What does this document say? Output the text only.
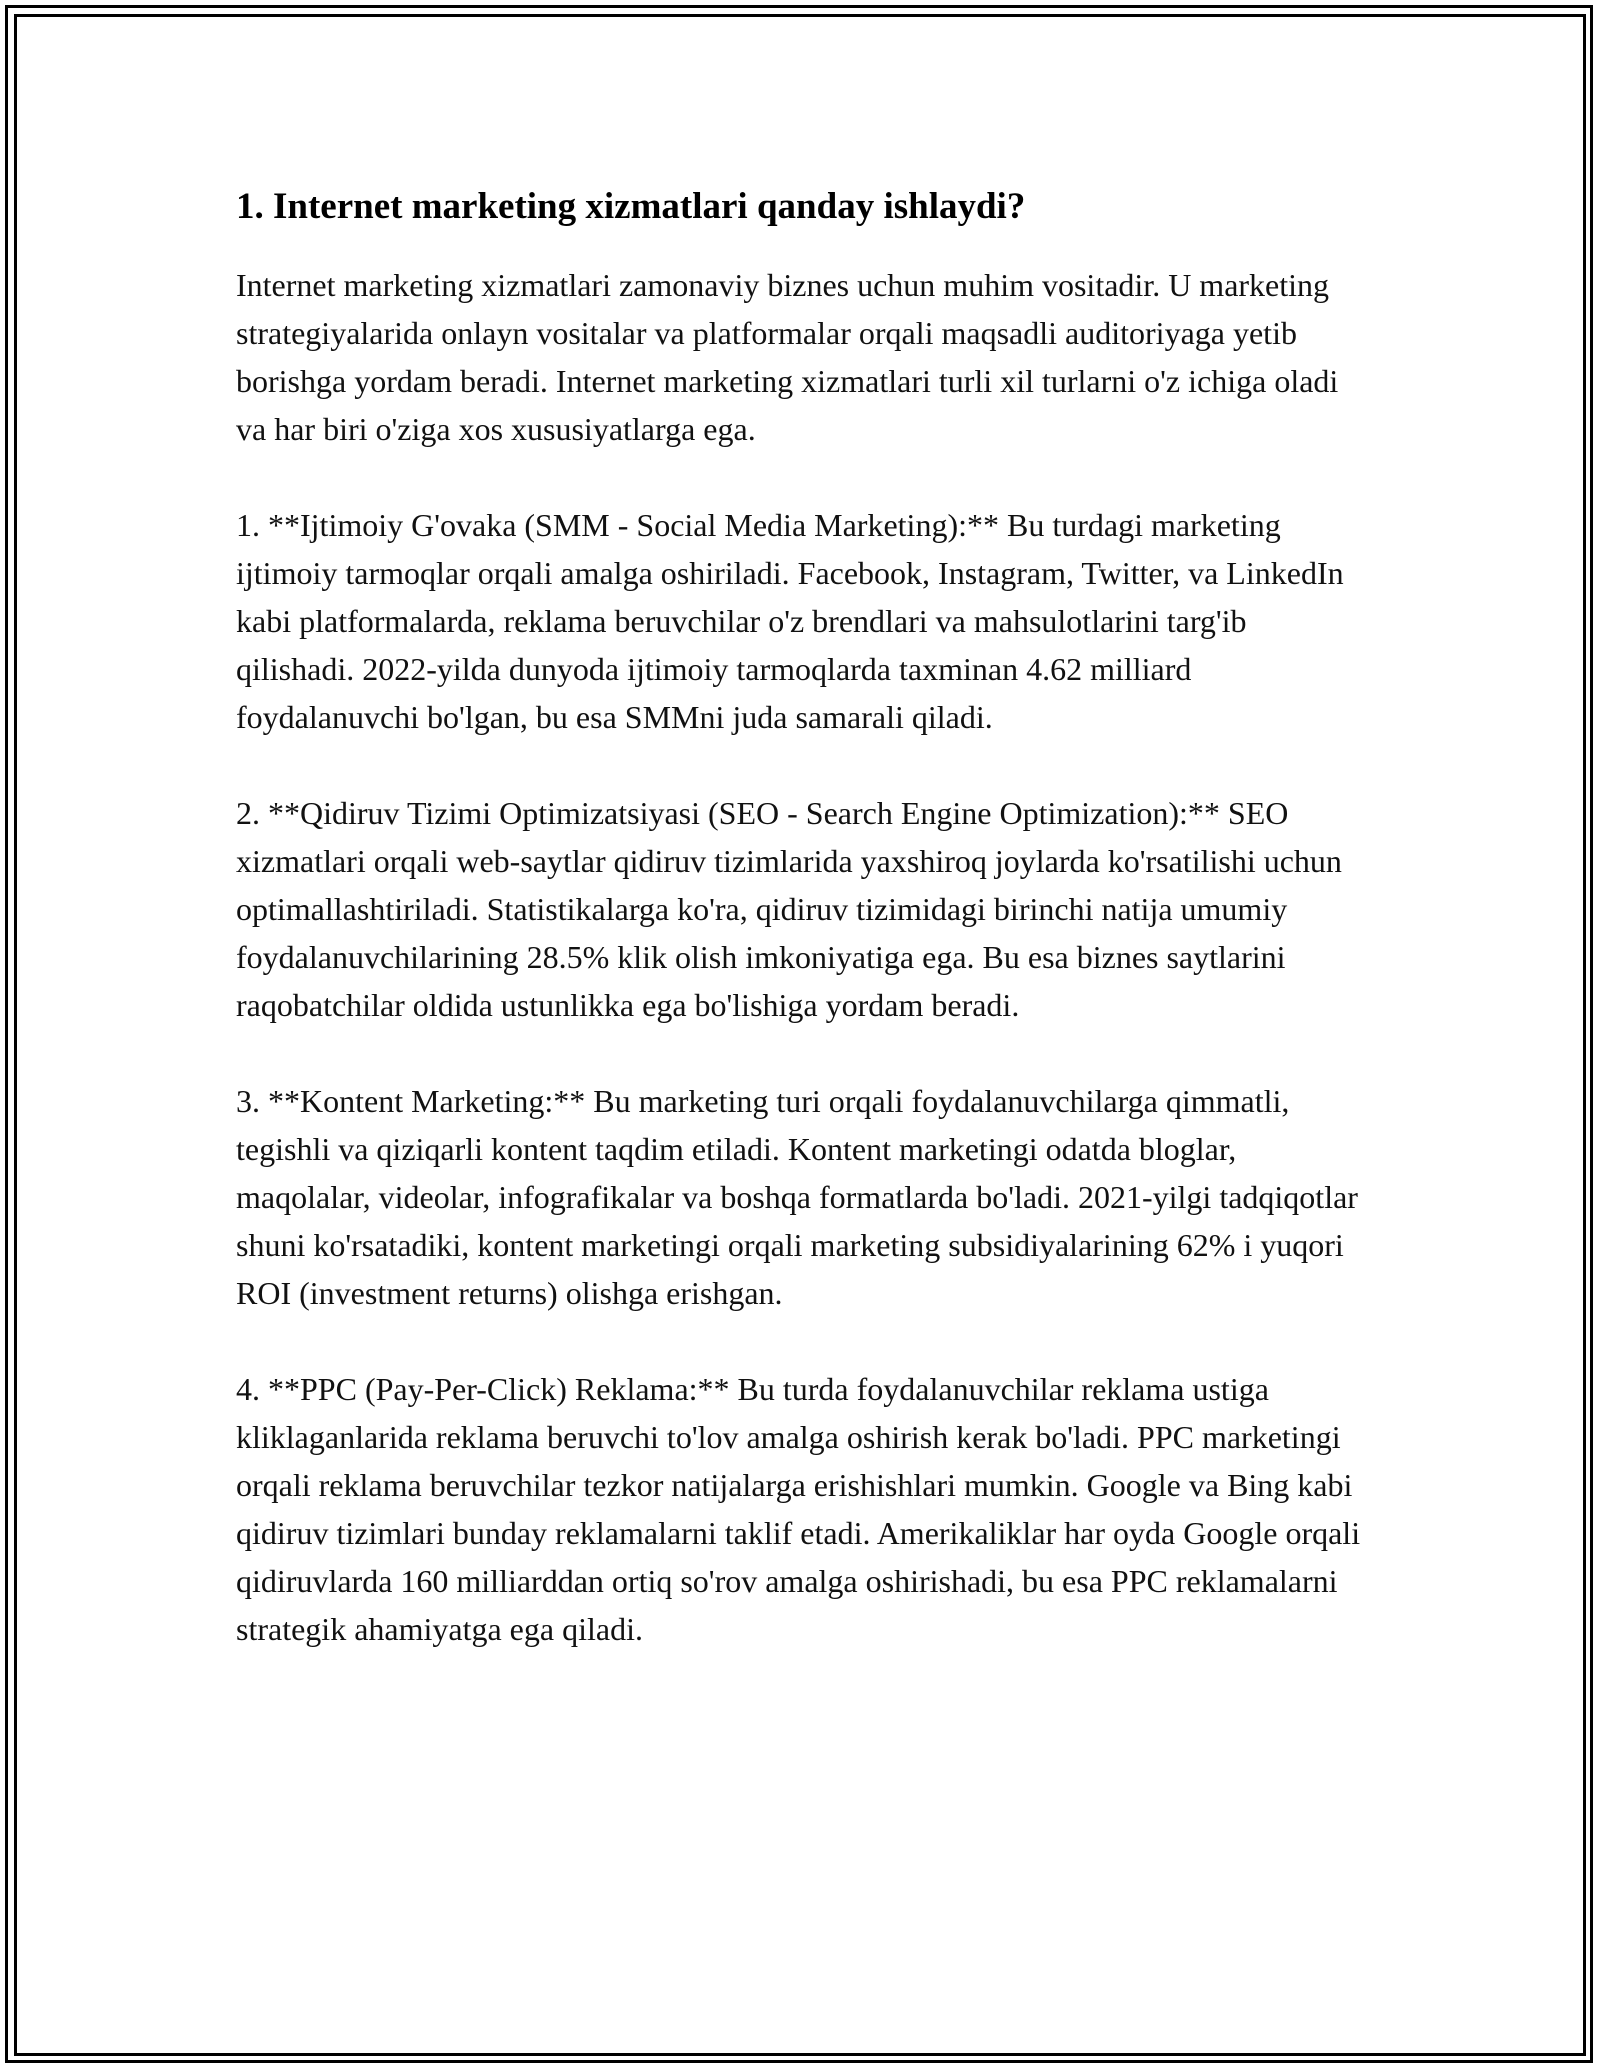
1. Internet marketing xizmatlari qanday ishlaydi?

Internet marketing xizmatlari zamonaviy biznes uchun muhim vositadir. U marketing strategiyalarida onlayn vositalar va platformalar orqali maqsadli auditoriyaga yetib borishga yordam beradi. Internet marketing xizmatlari turli xil turlarni o'z ichiga oladi va har biri o'ziga xos xususiyatlarga ega.

1. **Ijtimoiy G'ovaka (SMM - Social Media Marketing):** Bu turdagi marketing ijtimoiy tarmoqlar orqali amalga oshiriladi. Facebook, Instagram, Twitter, va LinkedIn kabi platformalarda, reklama beruvchilar o'z brendlari va mahsulotlarini targ'ib qilishadi. 2022-yilda dunyoda ijtimoiy tarmoqlarda taxminan 4.62 milliard foydalanuvchi bo'lgan, bu esa SMMni juda samarali qiladi.

2. **Qidiruv Tizimi Optimizatsiyasi (SEO - Search Engine Optimization):** SEO xizmatlari orqali web-saytlar qidiruv tizimlarida yaxshiroq joylarda ko'rsatilishi uchun optimallashtiriladi. Statistikalarga ko'ra, qidiruv tizimidagi birinchi natija umumiy foydalanuvchilarining 28.5% klik olish imkoniyatiga ega. Bu esa biznes saytlarini raqobatchilar oldida ustunlikka ega bo'lishiga yordam beradi.

3. **Kontent Marketing:** Bu marketing turi orqali foydalanuvchilarga qimmatli, tegishli va qiziqarli kontent taqdim etiladi. Kontent marketingi odatda bloglar, maqolalar, videolar, infografikalar va boshqa formatlarda bo'ladi. 2021-yilgi tadqiqotlar shuni ko'rsatadiki, kontent marketingi orqali marketing subsidiyalarining 62% i yuqori ROI (investment returns) olishga erishgan.

4. **PPC (Pay-Per-Click) Reklama:** Bu turda foydalanuvchilar reklama ustiga kliklaganlarida reklama beruvchi to'lov amalga oshirish kerak bo'ladi. PPC marketingi orqali reklama beruvchilar tezkor natijalarga erishishlari mumkin. Google va Bing kabi qidiruv tizimlari bunday reklamalarni taklif etadi. Amerikaliklar har oyda Google orqali qidiruvlarda 160 milliarddan ortiq so'rov amalga oshirishadi, bu esa PPC reklamalarni strategik ahamiyatga ega qiladi.
